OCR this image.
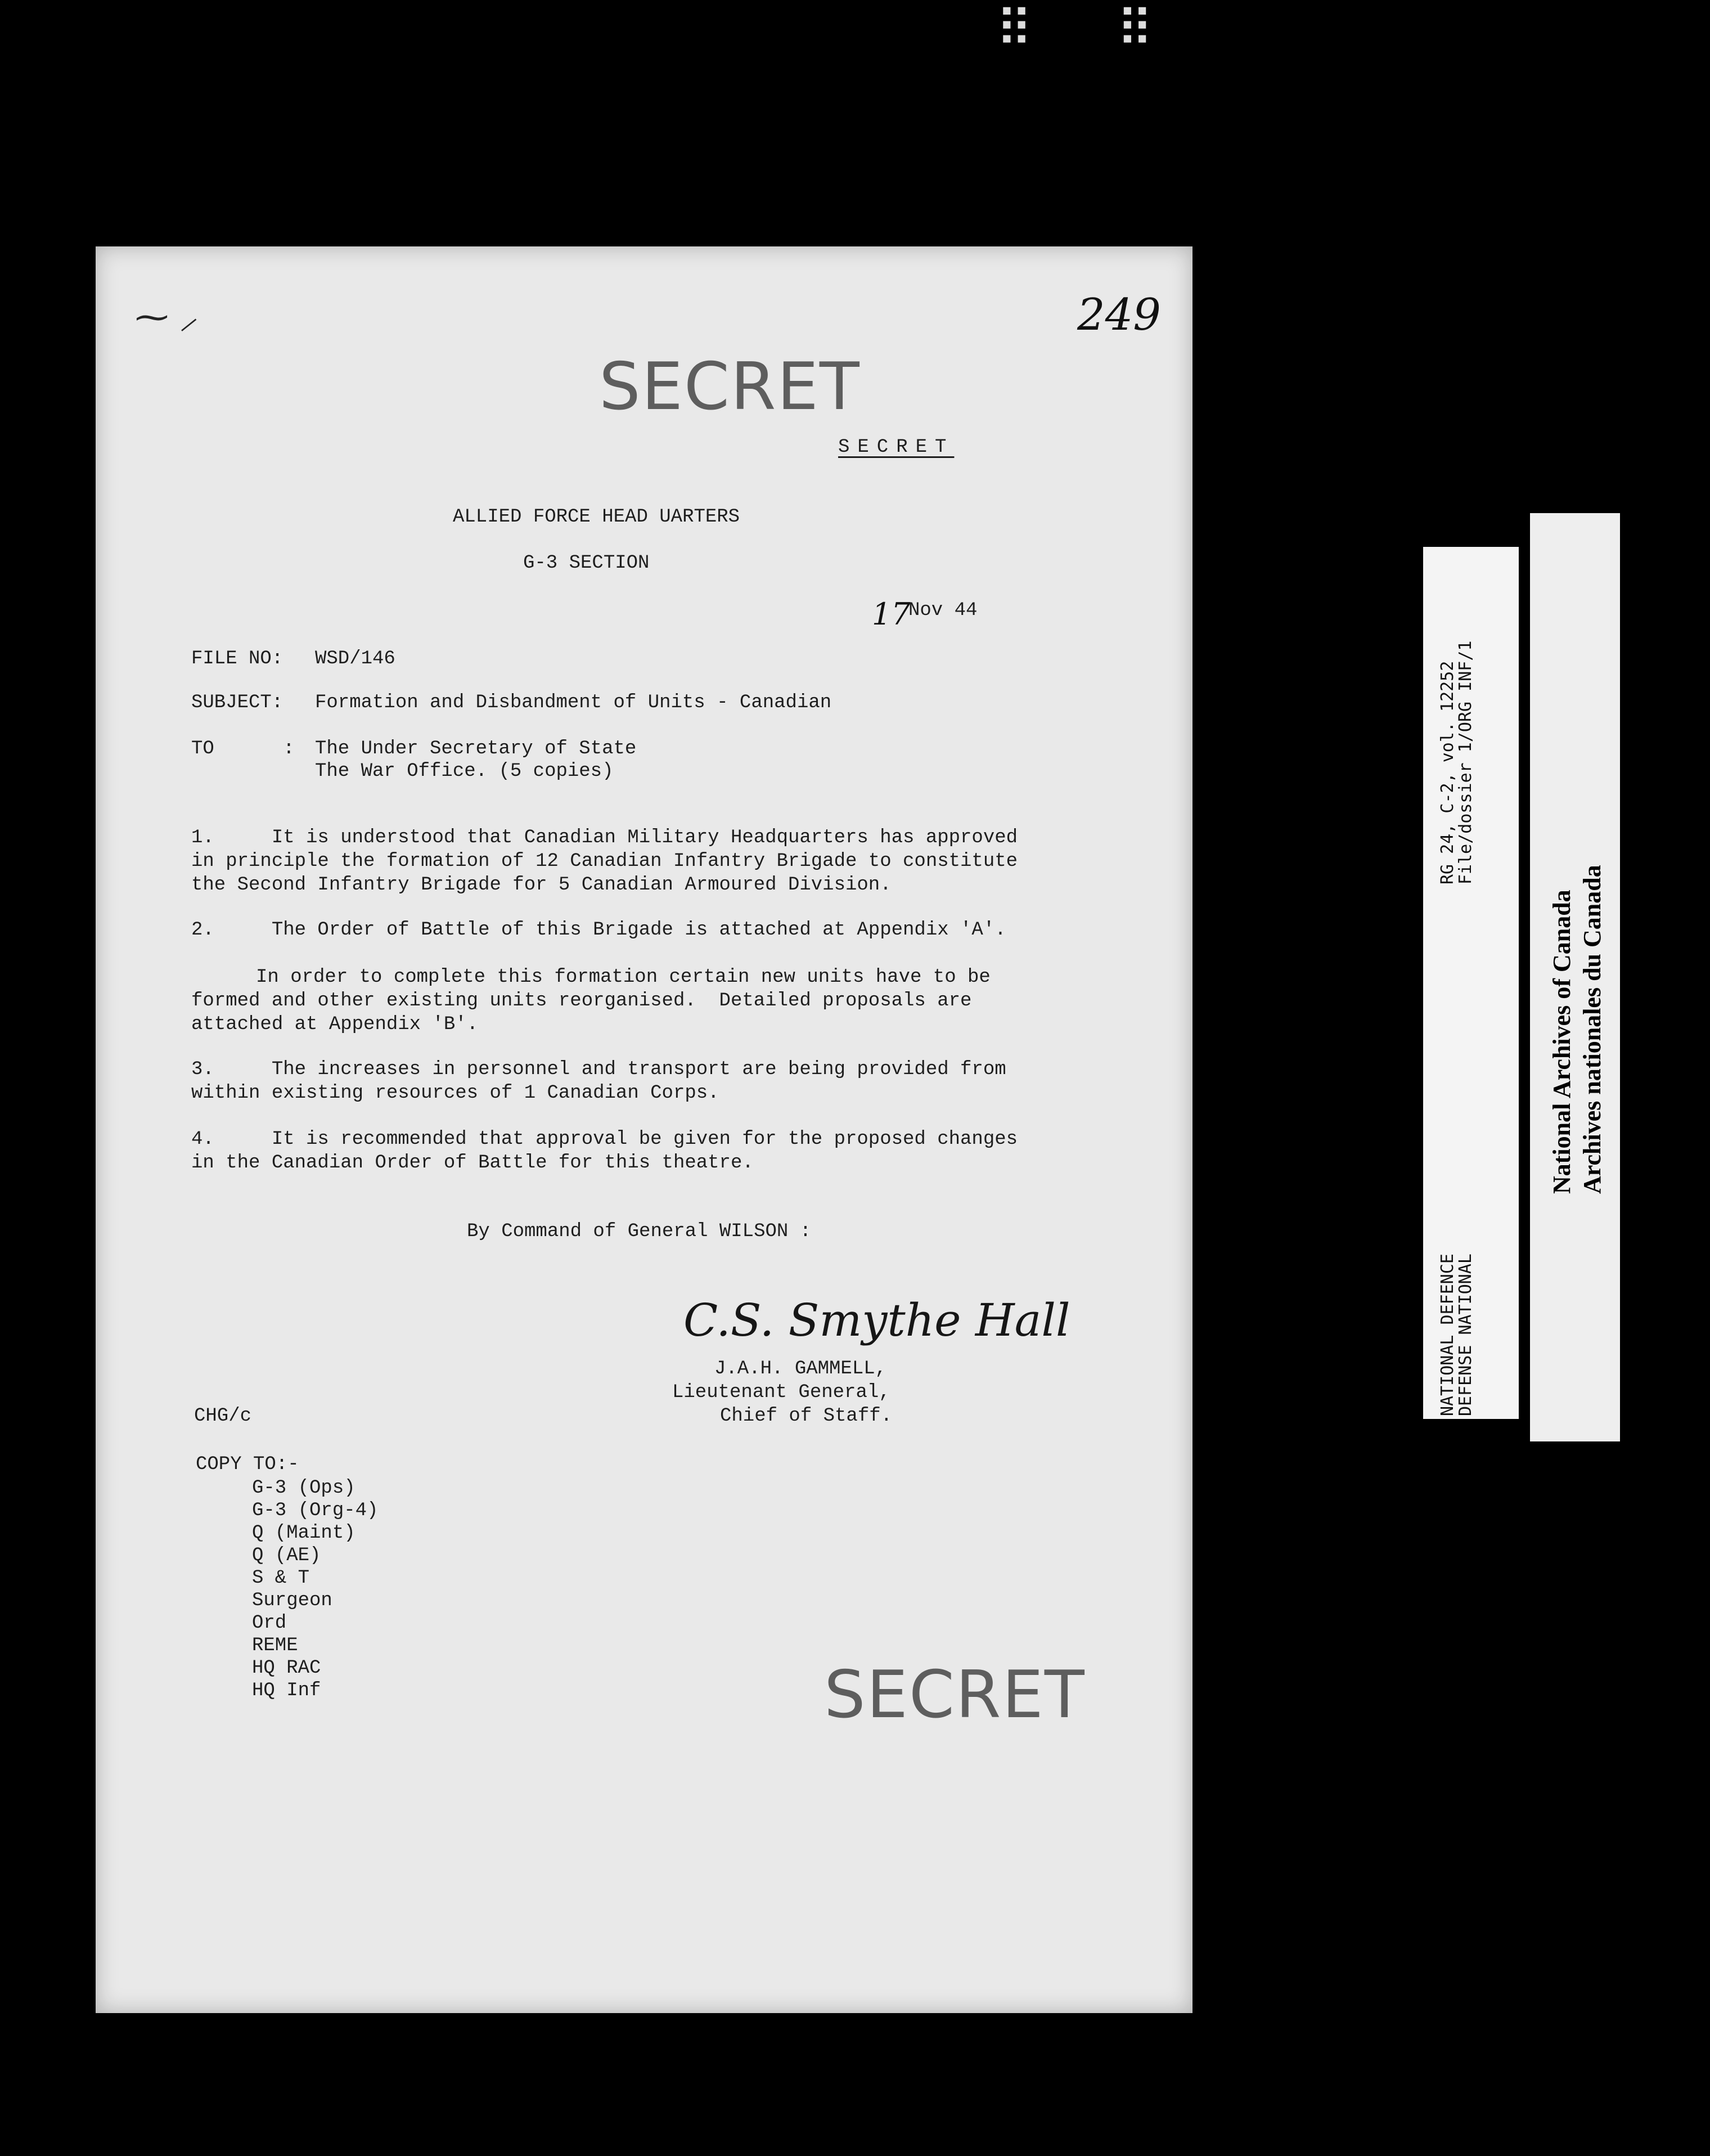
⠿ ⠿
⁓ ⸝	249
SECRET
SECRET
ALLIED FORCE HEAD UARTERS
G-3 SECTION
17
Nov 44
FILE NO: WSD/146
SUBJECT: Formation and Disbandment of Units - Canadian
TO      : The Under Secretary of State
The War Office. (5 copies)
1.     It is understood that Canadian Military Headquarters has approved
in principle the formation of 12 Canadian Infantry Brigade to constitute
the Second Infantry Brigade for 5 Canadian Armoured Division.
2.     The Order of Battle of this Brigade is attached at Appendix 'A'.
In order to complete this formation certain new units have to be
formed and other existing units reorganised.  Detailed proposals are
attached at Appendix 'B'.
3.     The increases in personnel and transport are being provided from
within existing resources of 1 Canadian Corps.
4.     It is recommended that approval be given for the proposed changes
in the Canadian Order of Battle for this theatre.
By Command of General WILSON :
C.S. Smythe Hall
J.A.H. GAMMELL,
Lieutenant General,
Chief of Staff.
CHG/c
COPY TO:-
G-3 (Ops)
G-3 (Org-4)
Q (Maint)
Q (AE)
S & T
Surgeon
Ord
REME
HQ RAC
HQ Inf	SECRET
RG 24, C-2, vol. 12252
File/dossier 1/ORG INF/1
NATIONAL DEFENCE
DEFENSE NATIONAL
National Archives of Canada Archives nationales du Canada
